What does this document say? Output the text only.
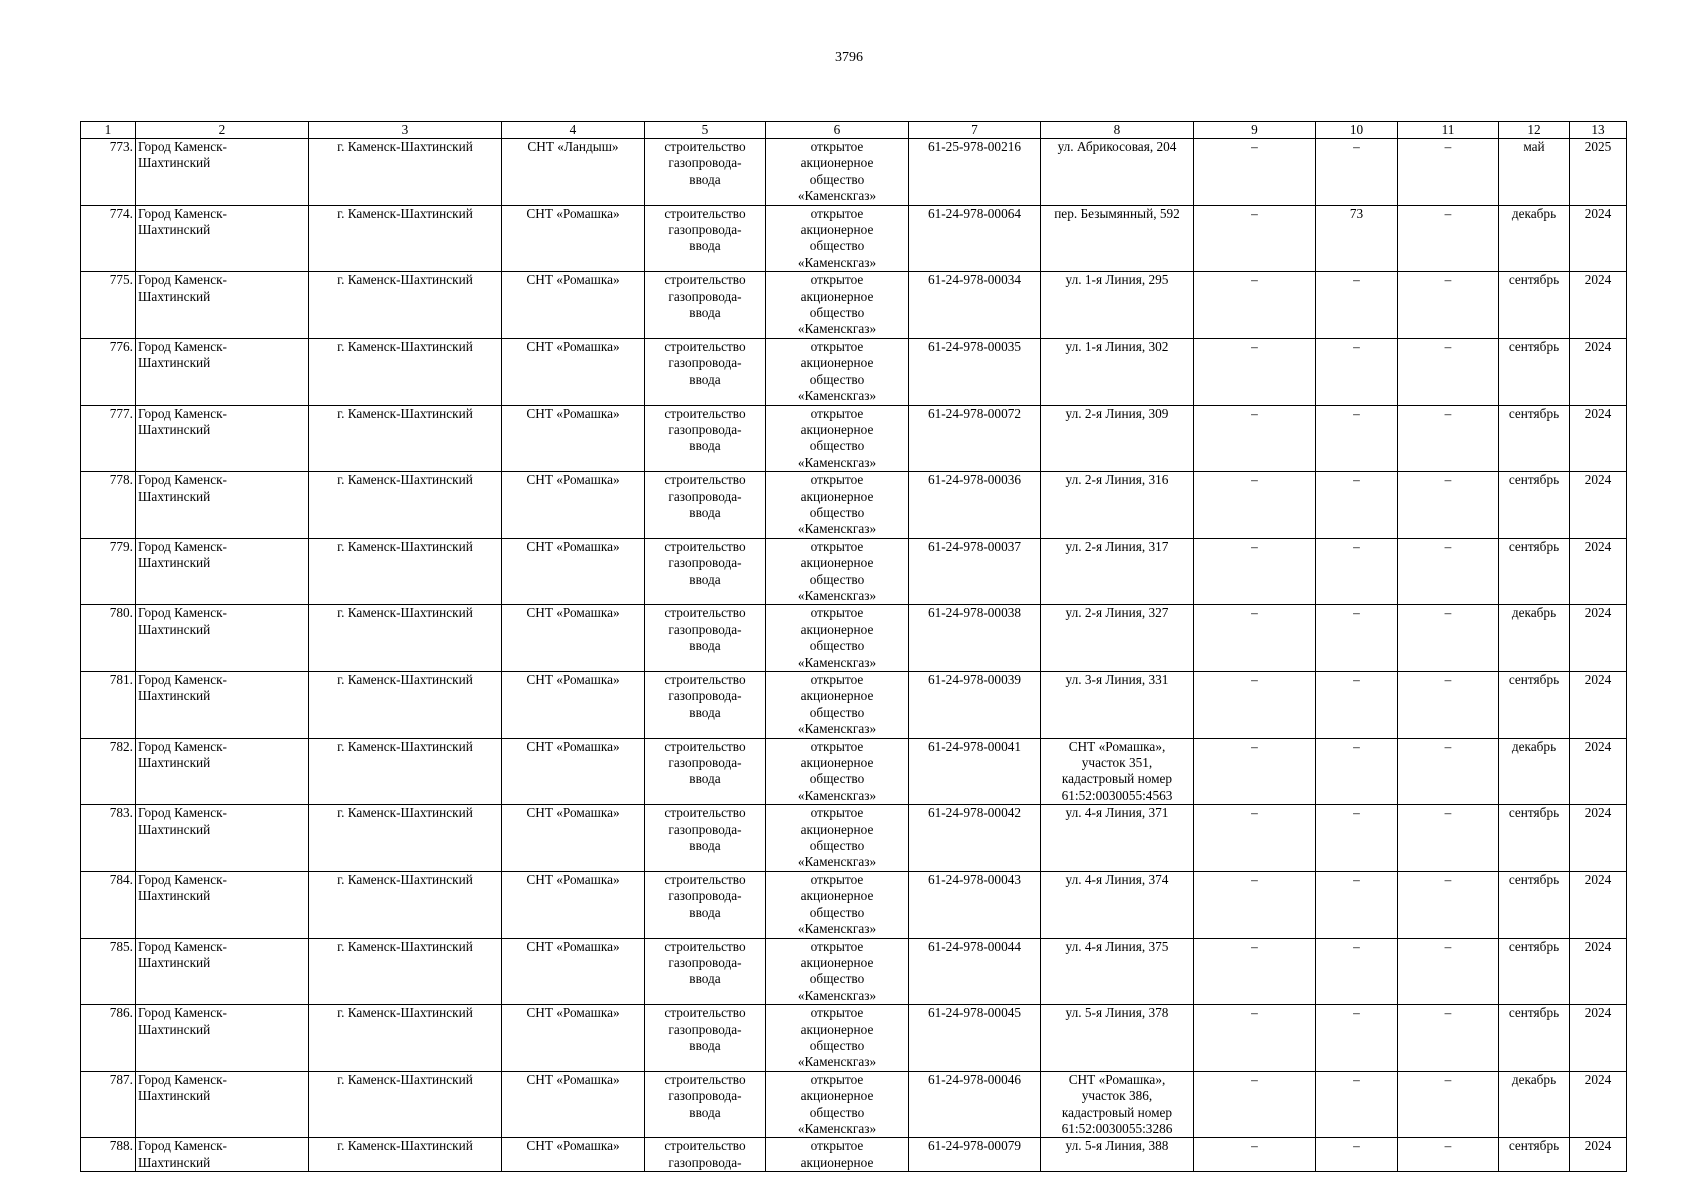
3796
1	2	3	4	5	6	7	8	9	10	11	12	13
773.	Город Каменск-
Шахтинский	г. Каменск-Шахтинский	СНТ «Ландыш»	строительство
газопровода-
ввода	открытое
акционерное
общество
«Каменскгаз»	61-25-978-00216	ул. Абрикосовая, 204	–	–	–	май	2025
774.	Город Каменск-
Шахтинский	г. Каменск-Шахтинский	СНТ «Ромашка»	строительство
газопровода-
ввода	открытое
акционерное
общество
«Каменскгаз»	61-24-978-00064	пер. Безымянный, 592	–	73	–	декабрь	2024
775.	Город Каменск-
Шахтинский	г. Каменск-Шахтинский	СНТ «Ромашка»	строительство
газопровода-
ввода	открытое
акционерное
общество
«Каменскгаз»	61-24-978-00034	ул. 1-я Линия, 295	–	–	–	сентябрь	2024
776.	Город Каменск-
Шахтинский	г. Каменск-Шахтинский	СНТ «Ромашка»	строительство
газопровода-
ввода	открытое
акционерное
общество
«Каменскгаз»	61-24-978-00035	ул. 1-я Линия, 302	–	–	–	сентябрь	2024
777.	Город Каменск-
Шахтинский	г. Каменск-Шахтинский	СНТ «Ромашка»	строительство
газопровода-
ввода	открытое
акционерное
общество
«Каменскгаз»	61-24-978-00072	ул. 2-я Линия, 309	–	–	–	сентябрь	2024
778.	Город Каменск-
Шахтинский	г. Каменск-Шахтинский	СНТ «Ромашка»	строительство
газопровода-
ввода	открытое
акционерное
общество
«Каменскгаз»	61-24-978-00036	ул. 2-я Линия, 316	–	–	–	сентябрь	2024
779.	Город Каменск-
Шахтинский	г. Каменск-Шахтинский	СНТ «Ромашка»	строительство
газопровода-
ввода	открытое
акционерное
общество
«Каменскгаз»	61-24-978-00037	ул. 2-я Линия, 317	–	–	–	сентябрь	2024
780.	Город Каменск-
Шахтинский	г. Каменск-Шахтинский	СНТ «Ромашка»	строительство
газопровода-
ввода	открытое
акционерное
общество
«Каменскгаз»	61-24-978-00038	ул. 2-я Линия, 327	–	–	–	декабрь	2024
781.	Город Каменск-
Шахтинский	г. Каменск-Шахтинский	СНТ «Ромашка»	строительство
газопровода-
ввода	открытое
акционерное
общество
«Каменскгаз»	61-24-978-00039	ул. 3-я Линия, 331	–	–	–	сентябрь	2024
782.	Город Каменск-
Шахтинский	г. Каменск-Шахтинский	СНТ «Ромашка»	строительство
газопровода-
ввода	открытое
акционерное
общество
«Каменскгаз»	61-24-978-00041	СНТ «Ромашка»,
участок 351,
кадастровый номер
61:52:0030055:4563	–	–	–	декабрь	2024
783.	Город Каменск-
Шахтинский	г. Каменск-Шахтинский	СНТ «Ромашка»	строительство
газопровода-
ввода	открытое
акционерное
общество
«Каменскгаз»	61-24-978-00042	ул. 4-я Линия, 371	–	–	–	сентябрь	2024
784.	Город Каменск-
Шахтинский	г. Каменск-Шахтинский	СНТ «Ромашка»	строительство
газопровода-
ввода	открытое
акционерное
общество
«Каменскгаз»	61-24-978-00043	ул. 4-я Линия, 374	–	–	–	сентябрь	2024
785.	Город Каменск-
Шахтинский	г. Каменск-Шахтинский	СНТ «Ромашка»	строительство
газопровода-
ввода	открытое
акционерное
общество
«Каменскгаз»	61-24-978-00044	ул. 4-я Линия, 375	–	–	–	сентябрь	2024
786.	Город Каменск-
Шахтинский	г. Каменск-Шахтинский	СНТ «Ромашка»	строительство
газопровода-
ввода	открытое
акционерное
общество
«Каменскгаз»	61-24-978-00045	ул. 5-я Линия, 378	–	–	–	сентябрь	2024
787.	Город Каменск-
Шахтинский	г. Каменск-Шахтинский	СНТ «Ромашка»	строительство
газопровода-
ввода	открытое
акционерное
общество
«Каменскгаз»	61-24-978-00046	СНТ «Ромашка»,
участок 386,
кадастровый номер
61:52:0030055:3286	–	–	–	декабрь	2024
788.	Город Каменск-
Шахтинский	г. Каменск-Шахтинский	СНТ «Ромашка»	строительство
газопровода-	открытое
акционерное	61-24-978-00079	ул. 5-я Линия, 388	–	–	–	сентябрь	2024
